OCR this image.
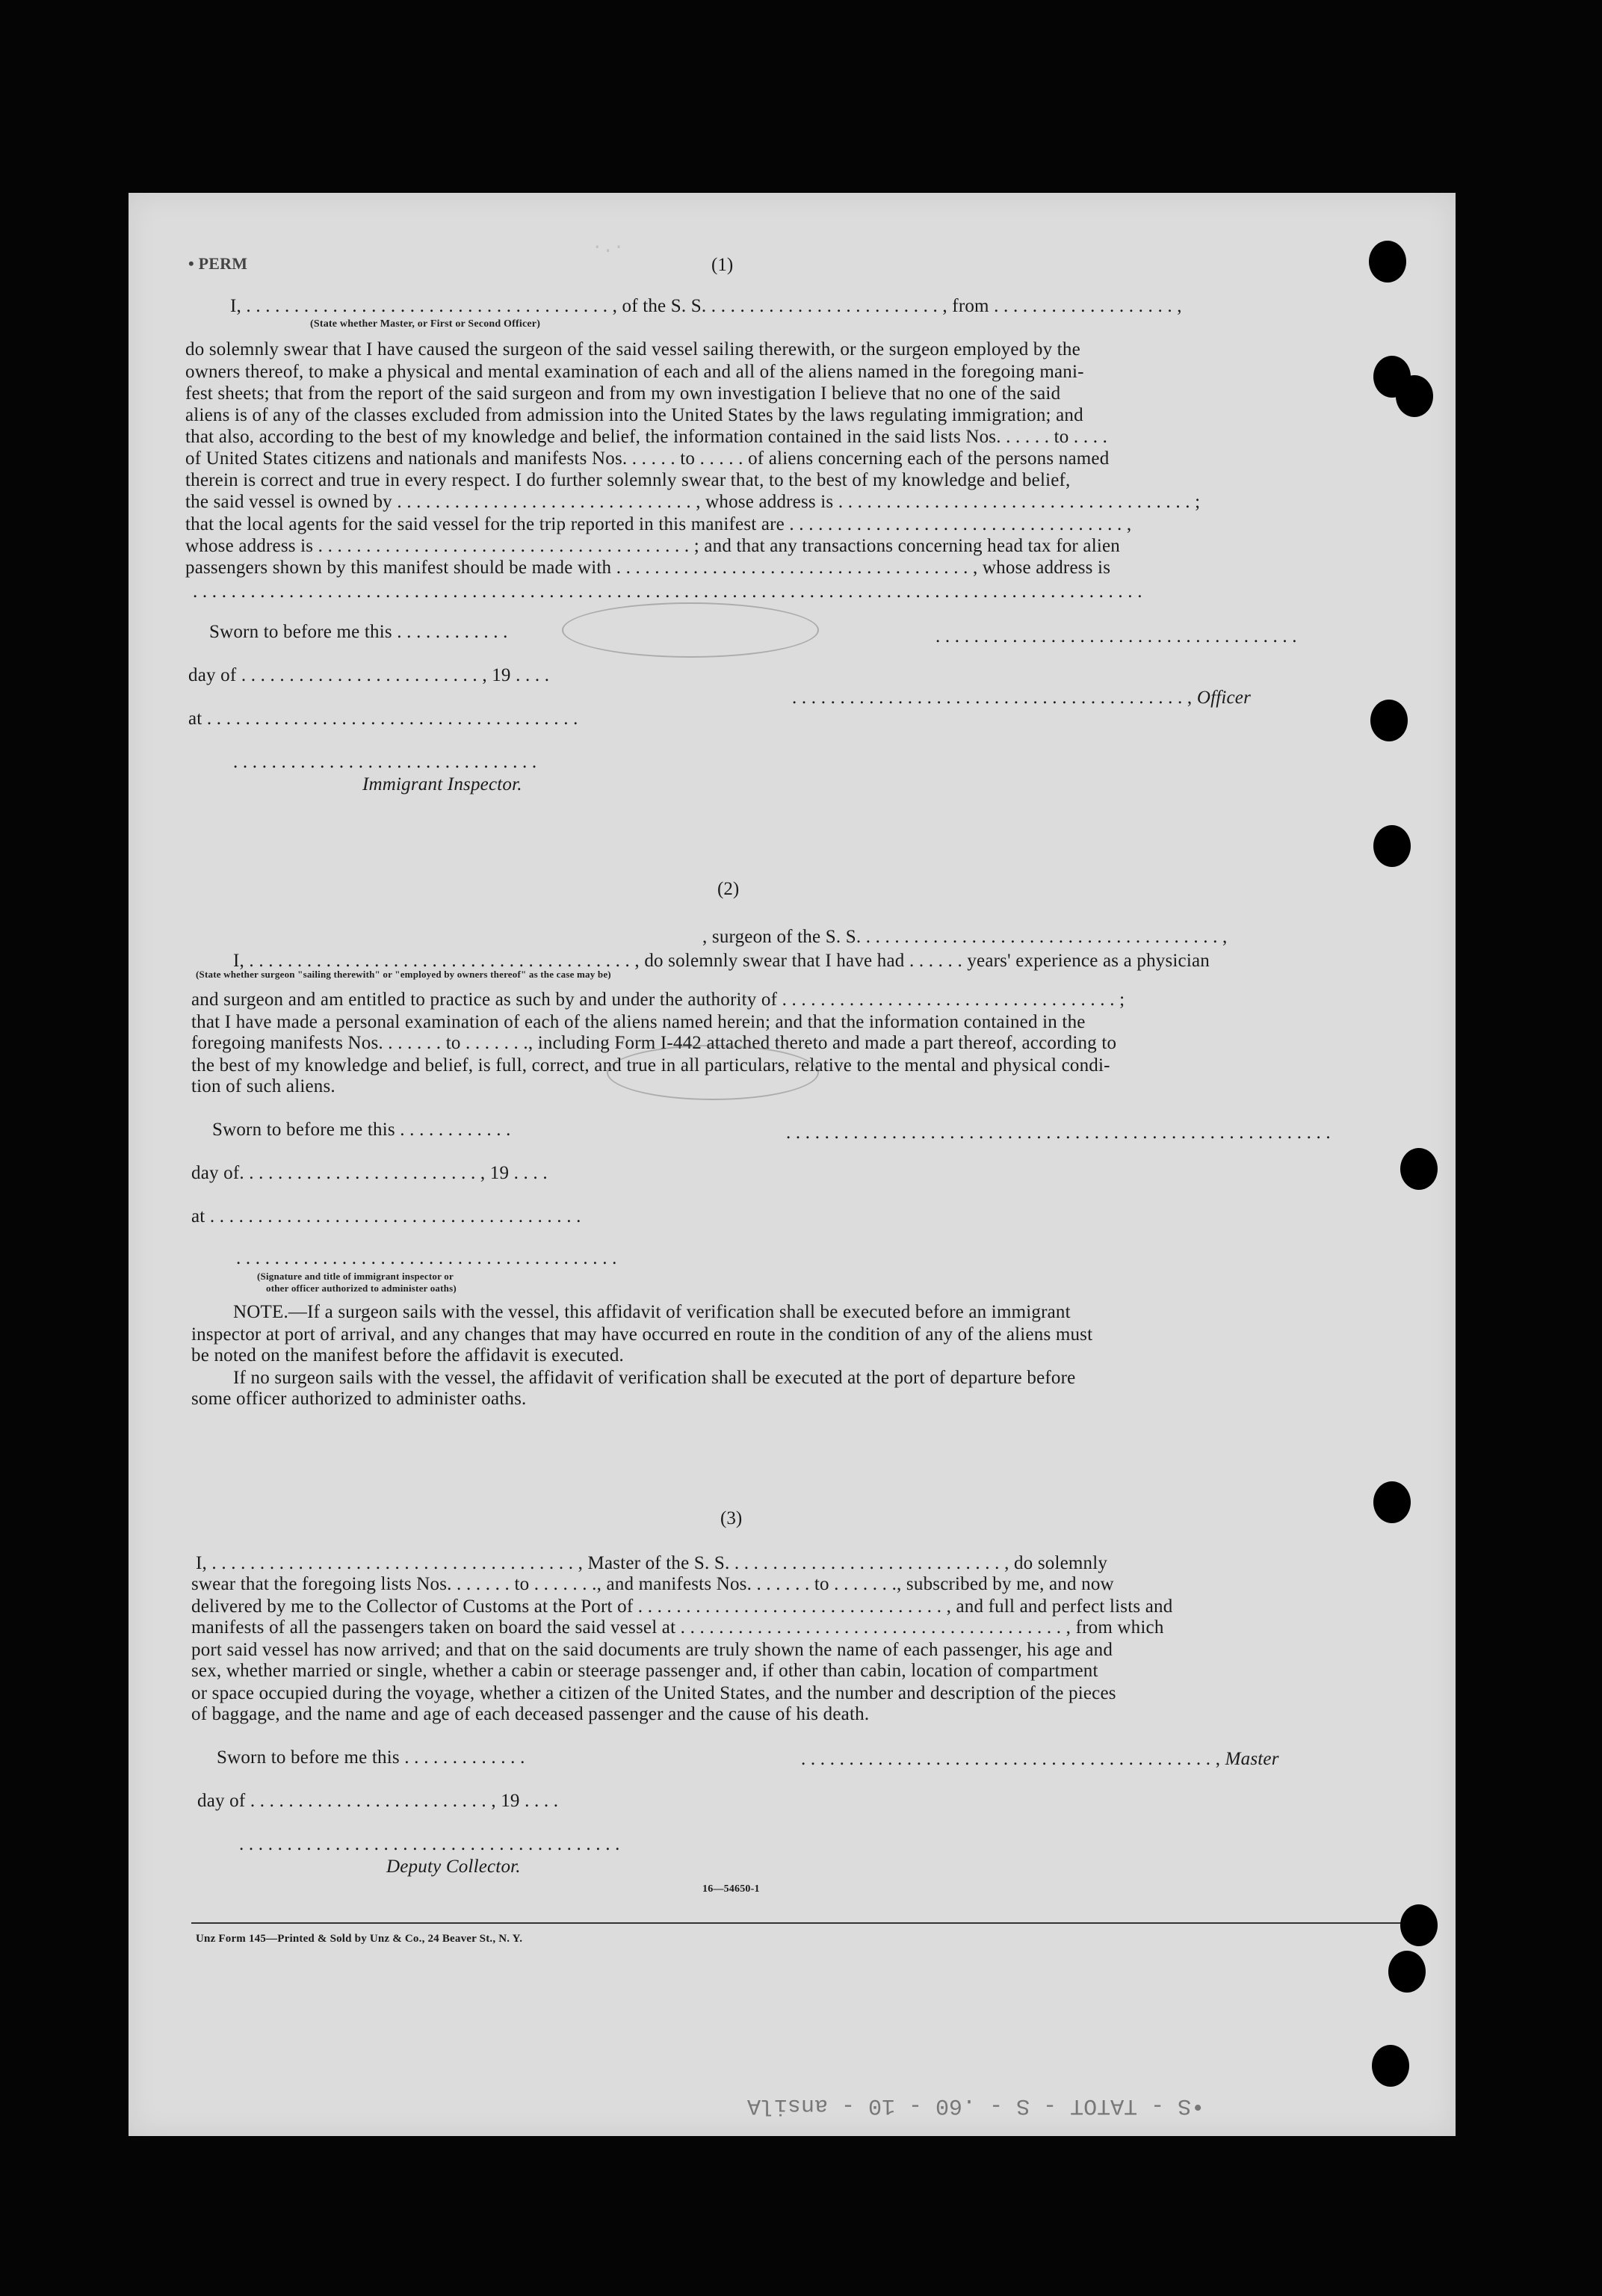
• PERM
·.·
(1)
I, . . . . . . . . . . . . . . . . . . . . . . . . . . . . . . . . . . . . . . , of the S. S. . . . . . . . . . . . . . . . . . . . . . . . . , from . . . . . . . . . . . . . . . . . . . ,
(State whether Master, or First or Second Officer)
do solemnly swear that I have caused the surgeon of the said vessel sailing therewith, or the surgeon employed by the
owners thereof, to make a physical and mental examination of each and all of the aliens named in the foregoing mani-
fest sheets; that from the report of the said surgeon and from my own investigation I believe that no one of the said
aliens is of any of the classes excluded from admission into the United States by the laws regulating immigration; and
that also, according to the best of my knowledge and belief, the information contained in the said lists Nos. . . . . . to . . . .
of United States citizens and nationals and manifests Nos. . . . . . to . . . . . of aliens concerning each of the persons named
therein is correct and true in every respect. I do further solemnly swear that, to the best of my knowledge and belief,
the said vessel is owned by . . . . . . . . . . . . . . . . . . . . . . . . . . . . . . . , whose address is . . . . . . . . . . . . . . . . . . . . . . . . . . . . . . . . . . . . . ;
that the local agents for the said vessel for the trip reported in this manifest are . . . . . . . . . . . . . . . . . . . . . . . . . . . . . . . . . . . ,
whose address is . . . . . . . . . . . . . . . . . . . . . . . . . . . . . . . . . . . . . . . ; and that any transactions concerning head tax for alien
passengers shown by this manifest should be made with . . . . . . . . . . . . . . . . . . . . . . . . . . . . . . . . . . . . . , whose address is
. . . . . . . . . . . . . . . . . . . . . . . . . . . . . . . . . . . . . . . . . . . . . . . . . . . . . . . . . . . . . . . . . . . . . . . . . . . . . . . . . . . . . . . . . . . . . . . . . . .
Sworn to before me this . . . . . . . . . . . .	. . . . . . . . . . . . . . . . . . . . . . . . . . . . . . . . . . . . . .
day of . . . . . . . . . . . . . . . . . . . . . . . . . , 19 . . . .
. . . . . . . . . . . . . . . . . . . . . . . . . . . . . . . . . . . . . . . . . , Officer
at . . . . . . . . . . . . . . . . . . . . . . . . . . . . . . . . . . . . . . .
. . . . . . . . . . . . . . . . . . . . . . . . . . . . . . . .
Immigrant Inspector.
(2)
I, . . . . . . . . . . . . . . . . . . . . . . . . . . . . . . . . . . . . . . . . , do solemnly swear that I have had . . . . . . years' experience as a physician
, surgeon of the S. S. . . . . . . . . . . . . . . . . . . . . . . . . . . . . . . . . . . . . . ,
(State whether surgeon "sailing therewith" or "employed by owners thereof" as the case may be)
and surgeon and am entitled to practice as such by and under the authority of . . . . . . . . . . . . . . . . . . . . . . . . . . . . . . . . . . . ;
that I have made a personal examination of each of the aliens named herein; and that the information contained in the
foregoing manifests Nos. . . . . . . to . . . . . . ., including Form I-442 attached thereto and made a part thereof, according to
the best of my knowledge and belief, is full, correct, and true in all particulars, relative to the mental and physical condi-
tion of such aliens.
Sworn to before me this . . . . . . . . . . . .	. . . . . . . . . . . . . . . . . . . . . . . . . . . . . . . . . . . . . . . . . . . . . . . . . . . . . . . . .
day of. . . . . . . . . . . . . . . . . . . . . . . . . , 19 . . . .
at . . . . . . . . . . . . . . . . . . . . . . . . . . . . . . . . . . . . . . .
. . . . . . . . . . . . . . . . . . . . . . . . . . . . . . . . . . . . . . . .
(Signature and title of immigrant inspector or
other officer authorized to administer oaths)
NOTE.—If a surgeon sails with the vessel, this affidavit of verification shall be executed before an immigrant
inspector at port of arrival, and any changes that may have occurred en route in the condition of any of the aliens must
be noted on the manifest before the affidavit is executed.
If no surgeon sails with the vessel, the affidavit of verification shall be executed at the port of departure before
some officer authorized to administer oaths.
(3)
I, . . . . . . . . . . . . . . . . . . . . . . . . . . . . . . . . . . . . . . , Master of the S. S. . . . . . . . . . . . . . . . . . . . . . . . . . . . . , do solemnly
swear that the foregoing lists Nos. . . . . . . to . . . . . . ., and manifests Nos. . . . . . . to . . . . . . ., subscribed by me, and now
delivered by me to the Collector of Customs at the Port of . . . . . . . . . . . . . . . . . . . . . . . . . . . . . . . . , and full and perfect lists and
manifests of all the passengers taken on board the said vessel at . . . . . . . . . . . . . . . . . . . . . . . . . . . . . . . . . . . . . . . . , from which
port said vessel has now arrived; and that on the said documents are truly shown the name of each passenger, his age and
sex, whether married or single, whether a cabin or steerage passenger and, if other than cabin, location of compartment
or space occupied during the voyage, whether a citizen of the United States, and the number and description of the pieces
of baggage, and the name and age of each deceased passenger and the cause of his death.
Sworn to before me this . . . . . . . . . . . . .	. . . . . . . . . . . . . . . . . . . . . . . . . . . . . . . . . . . . . . . . . . . , Master
day of . . . . . . . . . . . . . . . . . . . . . . . . . , 19 . . . .
. . . . . . . . . . . . . . . . . . . . . . . . . . . . . . . . . . . . . . . .
Deputy Collector.
16—54650-1
Unz Form 145—Printed & Sold by Unz & Co., 24 Beaver St., N. Y.
•S - TATOT - S - .60 - 10 - ansilA
